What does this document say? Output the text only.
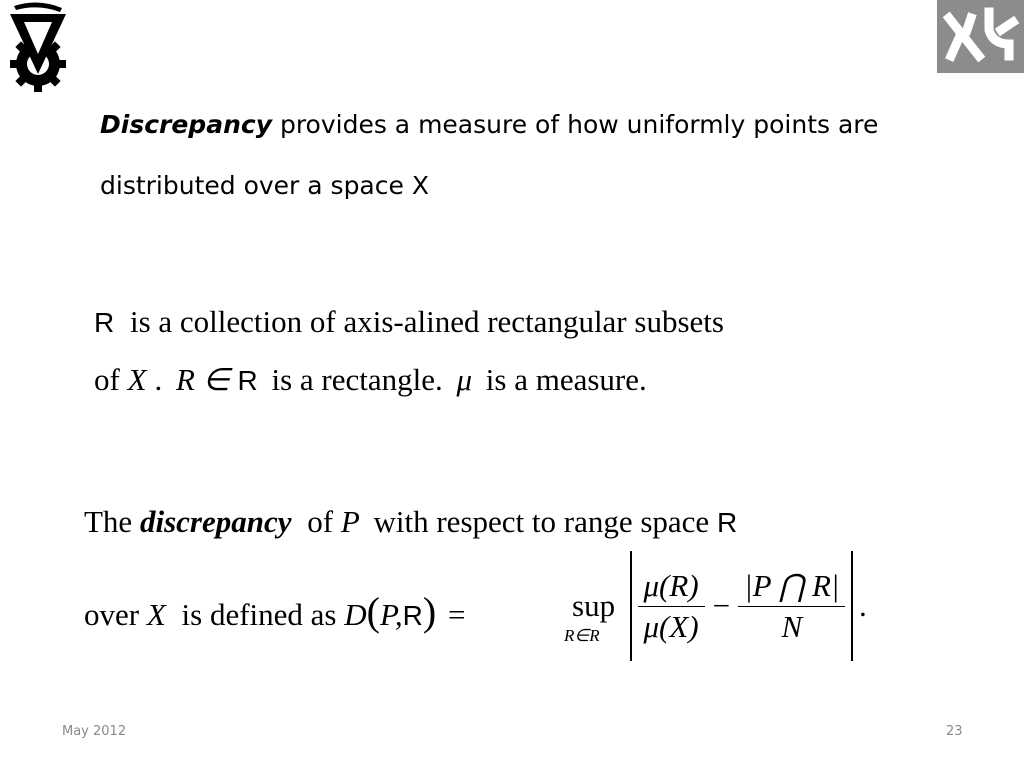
Discrepancy provides a measure of how uniformly points are distributed over a space X
R is a collection of axis-alined rectangular subsets
of X . R ∈ R is a rectangle. μ is a measure.
The discrepancy of P with respect to range space R
over X is defined as D(P,R) =	sup
R∈R $\frac{\mu(R)}{\mu(X)} - \frac{|P ⋂ R|}{N}$ .
May 2012	23
